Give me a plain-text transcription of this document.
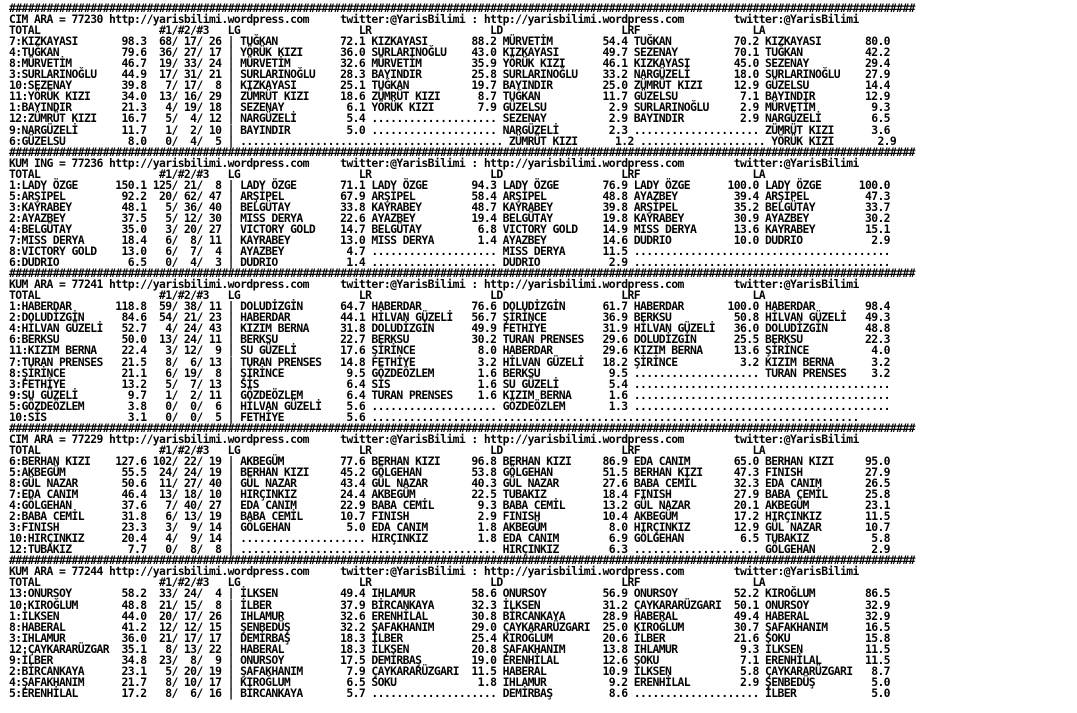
#################################################################################################################################################
CIM ARA = 77230 http://yarisbilimi.wordpress.com     twitter:@YarisBilimi : http://yarisbilimi.wordpress.com        twitter:@YarisBilimi
TOTAL                   #1/#2/#3   LG                   LR                   LD                   LRF                  LA
7:KIZKAYASI       98.3  68/ 17/ 26 | TUĞKAN          72.1 KIZKAYASI       88.2 MÜRVETİM        54.4 TUĞKAN          70.2 KIZKAYASI       80.0
4:TUĞKAN          79.6  36/ 27/ 17 | YÖRÜK KIZI      36.0 SURLARINOĞLU    43.0 KIZKAYASI       49.7 SEZENAY         70.1 TUĞKAN          42.2
8:MÜRVETİM        46.7  19/ 33/ 24 | MÜRVETİM        32.6 MÜRVETİM        35.9 YÖRÜK KIZI      46.1 KIZKAYASI       45.0 SEZENAY         29.4
3:SURLARINOĞLU    44.9  17/ 31/ 21 | SURLARINOĞLU    28.3 BAYINDIR        25.8 SURLARINOĞLU    33.2 NARGÜZELİ       18.0 SURLARINOĞLU    27.9
10:SEZENAY        39.8   7/ 17/  8 | KIZKAYASI       25.1 TUĞKAN          19.7 BAYINDIR        25.0 ZÜMRÜT KIZI     12.9 GÜZELSU         14.4
11:YÖRÜK KIZI     34.0  13/ 16/ 29 | ZÜMRÜT KIZI     18.6 ZÜMRÜT KIZI      8.7 TUĞKAN          11.7 GÜZELSU          7.1 BAYINDIR        12.9
1:BAYINDIR        21.3   4/ 19/ 18 | SEZENAY          6.1 YÖRÜK KIZI       7.9 GÜZELSU          2.9 SURLARINOĞLU     2.9 MÜRVETİM         9.3
12:ZÜMRÜT KIZI    16.7   5/  4/ 12 | NARGÜZELİ        5.4 .................... SEZENAY          2.9 BAYINDIR         2.9 NARGÜZELİ        6.5
9:NARGÜZELİ       11.7   1/  2/ 10 | BAYINDIR         5.0 .................... NARGÜZELİ        2.3 .................... ZÜMRÜT KIZI      3.6
6:GÜZELSU          8.0   0/  4/  5 | .......................................... ZÜMRÜT KIZI      1.2 .................... YÖRÜK KIZI       2.9
#################################################################################################################################################
KUM ING = 77236 http://yarisbilimi.wordpress.com     twitter:@YarisBilimi : http://yarisbilimi.wordpress.com        twitter:@YarisBilimi
TOTAL                   #1/#2/#3   LG                   LR                   LD                   LRF                  LA
1:LADY ÖZGE      150.1 125/ 21/  8 | LADY ÖZGE       71.1 LADY ÖZGE       94.3 LADY ÖZGE       76.9 LADY ÖZGE      100.0 LADY ÖZGE      100.0
5:ARŞİPEL         92.2  20/ 62/ 47 | ARŞİPEL         67.9 ARŞİPEL         58.4 ARŞİPEL         48.8 AYAZBEY         39.4 ARŞİPEL         47.3
3:KAYRABEY        48.1   5/ 36/ 40 | BELGÜTAY        33.8 KAYRABEY        48.7 KAYRABEY        39.8 ARŞİPEL         35.2 BELGÜTAY        33.7
2:AYAZBEY         37.5   5/ 12/ 30 | MISS DERYA      22.6 AYAZBEY         19.4 BELGÜTAY        19.8 KAYRABEY        30.9 AYAZBEY         30.2
4:BELGÜTAY        35.0   3/ 20/ 27 | VICTORY GOLD    14.7 BELGÜTAY         6.8 VICTORY GOLD    14.9 MISS DERYA      13.6 KAYRABEY        15.1
7:MISS DERYA      18.4   6/  8/ 11 | KAYRABEY        13.0 MISS DERYA       1.4 AYAZBEY         14.6 DUDRIO          10.0 DUDRIO           2.9
8:VICTORY GOLD    13.0   6/  7/  4 | AYAZBEY          4.7 .................... MISS DERYA      11.5 .........................................
6:DUDRIO           6.5   0/  4/  3 | DUDRIO           1.4 .................... DUDRIO           2.9 .........................................
#################################################################################################################################################
KUM ARA = 77241 http://yarisbilimi.wordpress.com     twitter:@YarisBilimi : http://yarisbilimi.wordpress.com        twitter:@YarisBilimi
TOTAL                   #1/#2/#3   LG                   LR                   LD                   LRF                  LA
1:HABERDAR       118.8  59/ 38/ 11 | DOLUDİZGİN      64.7 HABERDAR        76.6 DOLUDİZGİN      61.7 HABERDAR       100.0 HABERDAR        98.4
2:DOLUDİZGİN      84.6  54/ 21/ 23 | HABERDAR        44.1 HİLVAN GÜZELİ   56.7 ŞİRİNCE         36.9 BERKSU          50.8 HİLVAN GÜZELİ   49.3
4:HİLVAN GÜZELİ   52.7   4/ 24/ 43 | KIZIM BERNA     31.8 DOLUDİZGİN      49.9 FETHİYE         31.9 HİLVAN GÜZELİ   36.0 DOLUDİZGİN      48.8
6:BERKSU          50.0  13/ 24/ 11 | BERKSU          22.7 BERKSU          30.2 TURAN PRENSES   29.6 DOLUDİZGİN      25.5 BERKSU          22.3
11:KIZIM BERNA    22.4   3/ 12/  9 | SU GÜZELİ       17.6 ŞİRİNCE          8.0 HABERDAR        29.6 KIZIM BERNA     13.6 ŞİRİNCE          4.0
7:TURAN PRENSES   21.5   8/  6/ 13 | TURAN PRENSES   14.8 FETHİYE          3.2 HİLVAN GÜZELİ   18.2 ŞİRİNCE          3.2 KIZIM BERNA      3.2
8:ŞİRİNCE         21.1   6/ 19/  8 | ŞİRİNCE          9.5 GÖZDEÖZLEM       1.6 BERKSU           9.5 .................... TURAN PRENSES    3.2
3:FETHİYE         13.2   5/  7/ 13 | SİS              6.4 SİS              1.6 SU GÜZELİ        5.4 .........................................
9:SU GÜZELİ        9.7   1/  2/ 11 | GÖZDEÖZLEM       6.4 TURAN PRENSES    1.6 KIZIM BERNA      1.6 .........................................
5:GÖZDEÖZLEM       3.8   0/  0/  6 | HİLVAN GÜZELİ    5.6 .................... GÖZDEÖZLEM       1.3 .........................................
10:SİS             3.1   0/  0/  5 | FETHİYE          5.6 ..............................................................................
#################################################################################################################################################
CIM ARA = 77229 http://yarisbilimi.wordpress.com     twitter:@YarisBilimi : http://yarisbilimi.wordpress.com        twitter:@YarisBilimi
TOTAL                   #1/#2/#3   LG                   LR                   LD                   LRF                  LA
6:BERHAN KIZI    127.6 102/ 22/ 19 | AKBEGÜM         77.6 BERHAN KIZI     96.8 BERHAN KIZI     86.9 EDA CANIM       65.0 BERHAN KIZI     95.0
5:AKBEGÜM         55.5  24/ 24/ 19 | BERHAN KIZI     45.2 GÖLGEHAN        53.8 GÖLGEHAN        51.5 BERHAN KIZI     47.3 FINISH          27.9
8:GÜL NAZAR       50.6  11/ 27/ 40 | GÜL NAZAR       43.4 GÜL NAZAR       40.3 GÜL NAZAR       27.6 BABA CEMİL      32.3 EDA CANIM       26.5
7:EDA CANIM       46.4  13/ 18/ 10 | HIRÇINKIZ       24.4 AKBEGÜM         22.5 TUBAKIZ         18.4 FINISH          27.9 BABA CEMİL      25.8
4:GÖLGEHAN        37.6   7/ 40/ 27 | EDA CANIM       22.9 BABA CEMİL       9.3 BABA CEMİL      13.2 GÜL NAZAR       20.1 AKBEGÜM         23.1
2:BABA CEMİL      31.8   6/ 13/ 19 | BABA CEMİL      10.7 FINISH           2.9 FINISH          10.4 AKBEGÜM         17.2 HIRÇINKIZ       11.5
3:FINISH          23.3   3/  9/ 14 | GÖLGEHAN         5.0 EDA CANIM        1.8 AKBEGÜM          8.0 HIRÇINKIZ       12.9 GÜL NAZAR       10.7
10:HIRÇINKIZ      20.4   4/  9/ 14 | .................... HIRÇINKIZ        1.8 EDA CANIM        6.9 GÖLGEHAN         6.5 TUBAKIZ          5.8
12:TUBAKIZ         7.7   0/  8/  8 | ......................................... HIRÇINKIZ        6.3 .................... GÖLGEHAN         2.9
#################################################################################################################################################
KUM ARA = 77244 http://yarisbilimi.wordpress.com     twitter:@YarisBilimi : http://yarisbilimi.wordpress.com        twitter:@YarisBilimi
TOTAL                   #1/#2/#3   LG                   LR                   LD                   LRF                  LA
13:ONURSOY        58.2  33/ 24/  4 | İLKSEN          49.4 IHLAMUR         58.6 ONURSOY         56.9 ONURSOY         52.2 KIROĞLUM        86.5
10:KIROĞLUM       48.8  21/ 15/  8 | İLBER           37.9 BİRCANKAYA      32.3 İLKSEN          31.2 ÇAYKARARÜZGARI  50.1 ONURSOY         32.9
1:İLKSEN          44.0  20/ 17/ 26 | IHLAMUR         32.6 ERENHİLAL       30.8 BİRCANKAYA      28.9 HABERAL         49.4 HABERAL         32.9
8:HABERAL         41.2  12/ 12/ 15 | ŞENBEDÜŞ        32.2 ŞAFAKHANIM      29.0 ÇAYKARARÜZGARI  25.0 KIROĞLUM        30.7 ŞAFAKHANIM      16.5
3:IHLAMUR         36.0  21/ 17/ 17 | DEMİRBAŞ        18.3 İLBER           25.4 KIROĞLUM        20.6 İLBER           21.6 SOKU            15.8
12:ÇAYKARARÜZGAR  35.1   8/ 13/ 22 | HABERAL         18.3 İLKSEN          20.8 ŞAFAKHANIM      13.8 IHLAMUR          9.3 İLKSEN          11.5
9:İLBER           34.8  23/  8/  9 | ONURSOY         17.5 DEMİRBAŞ        19.0 ERENHİLAL       12.6 SOKU             7.1 ERENHİLAL       11.5
2:BİRCANKAYA      23.1   5/ 20/ 19 | ŞAFAKHANIM       7.9 ÇAYKARARÜZGARI  11.5 HABERAL         10.9 İLKSEN           5.8 ÇAYKARARÜZGARI   8.7
4:ŞAFAKHANIM      21.7   8/ 10/ 17 | KIROĞLUM         6.5 SOKU             1.8 IHLAMUR          9.2 ERENHİLAL        2.9 ŞENBEDÜŞ         5.0
5:ERENHİLAL       17.2   8/  6/ 16 | BİRCANKAYA       5.7 .................... DEMİRBAŞ         8.6 .................... İLBER            5.0
